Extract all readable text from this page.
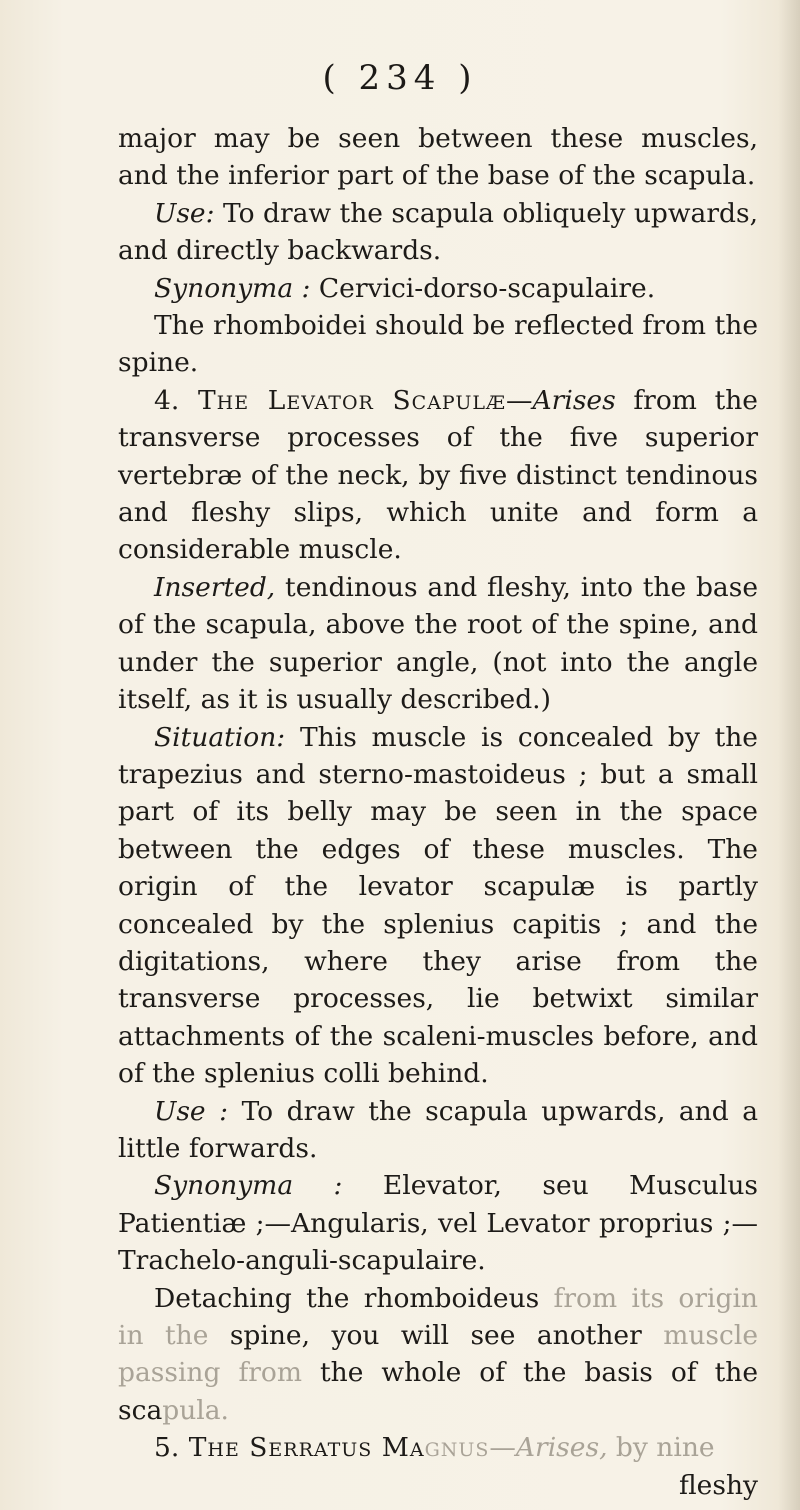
( 234 )

major may be seen between these muscles, and the inferior part of the base of the scapula.

Use: To draw the scapula obliquely upwards, and directly backwards.

Synonyma : Cervici-dorso-scapulaire.

The rhomboidei should be reflected from the spine.

4. The Levator Scapulæ—Arises from the transverse processes of the five superior vertebræ of the neck, by five distinct tendinous and fleshy slips, which unite and form a considerable muscle.

Inserted, tendinous and fleshy, into the base of the scapula, above the root of the spine, and under the superior angle, (not into the angle itself, as it is usually described.)

Situation: This muscle is concealed by the trapezius and sterno-mastoideus ; but a small part of its belly may be seen in the space between the edges of these muscles. The origin of the levator scapulæ is partly concealed by the splenius capitis ; and the digitations, where they arise from the transverse processes, lie betwixt similar attachments of the scaleni-muscles before, and of the splenius colli behind.

Use : To draw the scapula upwards, and a little forwards.

Synonyma : Elevator, seu Musculus Patientiæ ;—Angularis, vel Levator proprius ;—Trachelo-anguli-scapulaire.

Detaching the rhomboideus from its origin in the spine, you will see another muscle passing from the whole of the basis of the scapula.

5. The Serratus Magnus—Arises, by nine

fleshy
